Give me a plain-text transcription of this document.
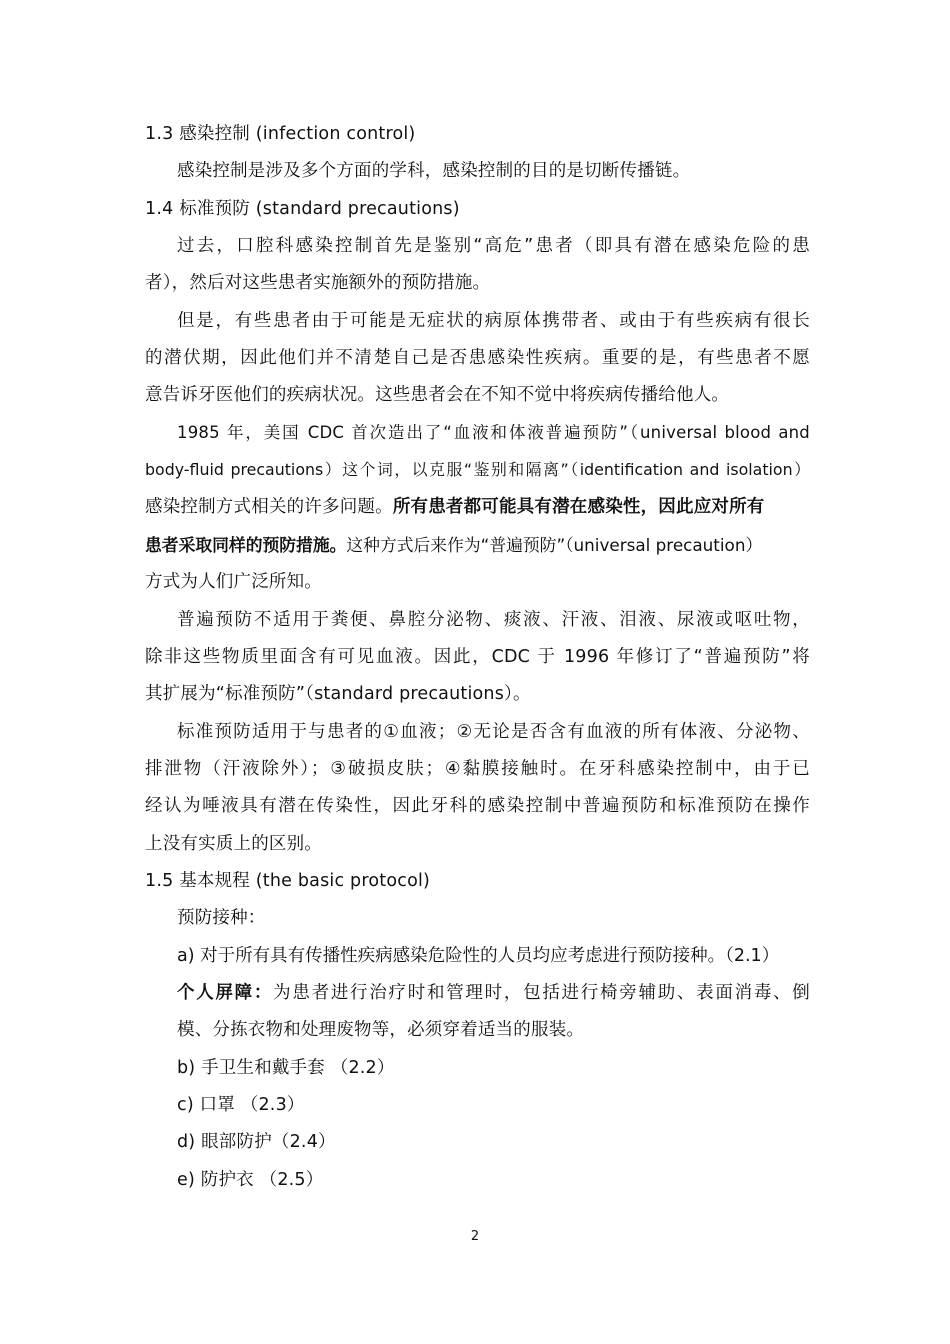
1.3 感染控制 (infection control)
感染控制是涉及多个方面的学科，感染控制的目的是切断传播链。
1.4 标准预防 (standard precautions)
过去，口腔科感染控制首先是鉴别“高危”患者（即具有潜在感染危险的患
者），然后对这些患者实施额外的预防措施。
但是，有些患者由于可能是无症状的病原体携带者、或由于有些疾病有很长
的潜伏期，因此他们并不清楚自己是否患感染性疾病。重要的是，有些患者不愿
意告诉牙医他们的疾病状况。这些患者会在不知不觉中将疾病传播给他人。
1985 年，美国 CDC 首次造出了“血液和体液普遍预防”（universal blood and
body-fluid precautions）这个词，以克服“鉴别和隔离”（identification and isolation）
感染控制方式相关的许多问题。所有患者都可能具有潜在感染性，因此应对所有
患者采取同样的预防措施。这种方式后来作为“普遍预防”（universal precaution）
方式为人们广泛所知。
普遍预防不适用于粪便、鼻腔分泌物、痰液、汗液、泪液、尿液或呕吐物，
除非这些物质里面含有可见血液。因此，CDC 于 1996 年修订了“普遍预防”将
其扩展为“标准预防”（standard precautions）。
标准预防适用于与患者的①血液；②无论是否含有血液的所有体液、分泌物、
排泄物（汗液除外）；③破损皮肤；④黏膜接触时。在牙科感染控制中，由于已
经认为唾液具有潜在传染性，因此牙科的感染控制中普遍预防和标准预防在操作
上没有实质上的区别。
1.5 基本规程 (the basic protocol)
预防接种：
a) 对于所有具有传播性疾病感染危险性的人员均应考虑进行预防接种。（2.1）
个人屏障：为患者进行治疗时和管理时，包括进行椅旁辅助、表面消毒、倒
模、分拣衣物和处理废物等，必须穿着适当的服装。
b) 手卫生和戴手套 （2.2）
c) 口罩 （2.3）
d) 眼部防护（2.4）
e) 防护衣 （2.5）
2
